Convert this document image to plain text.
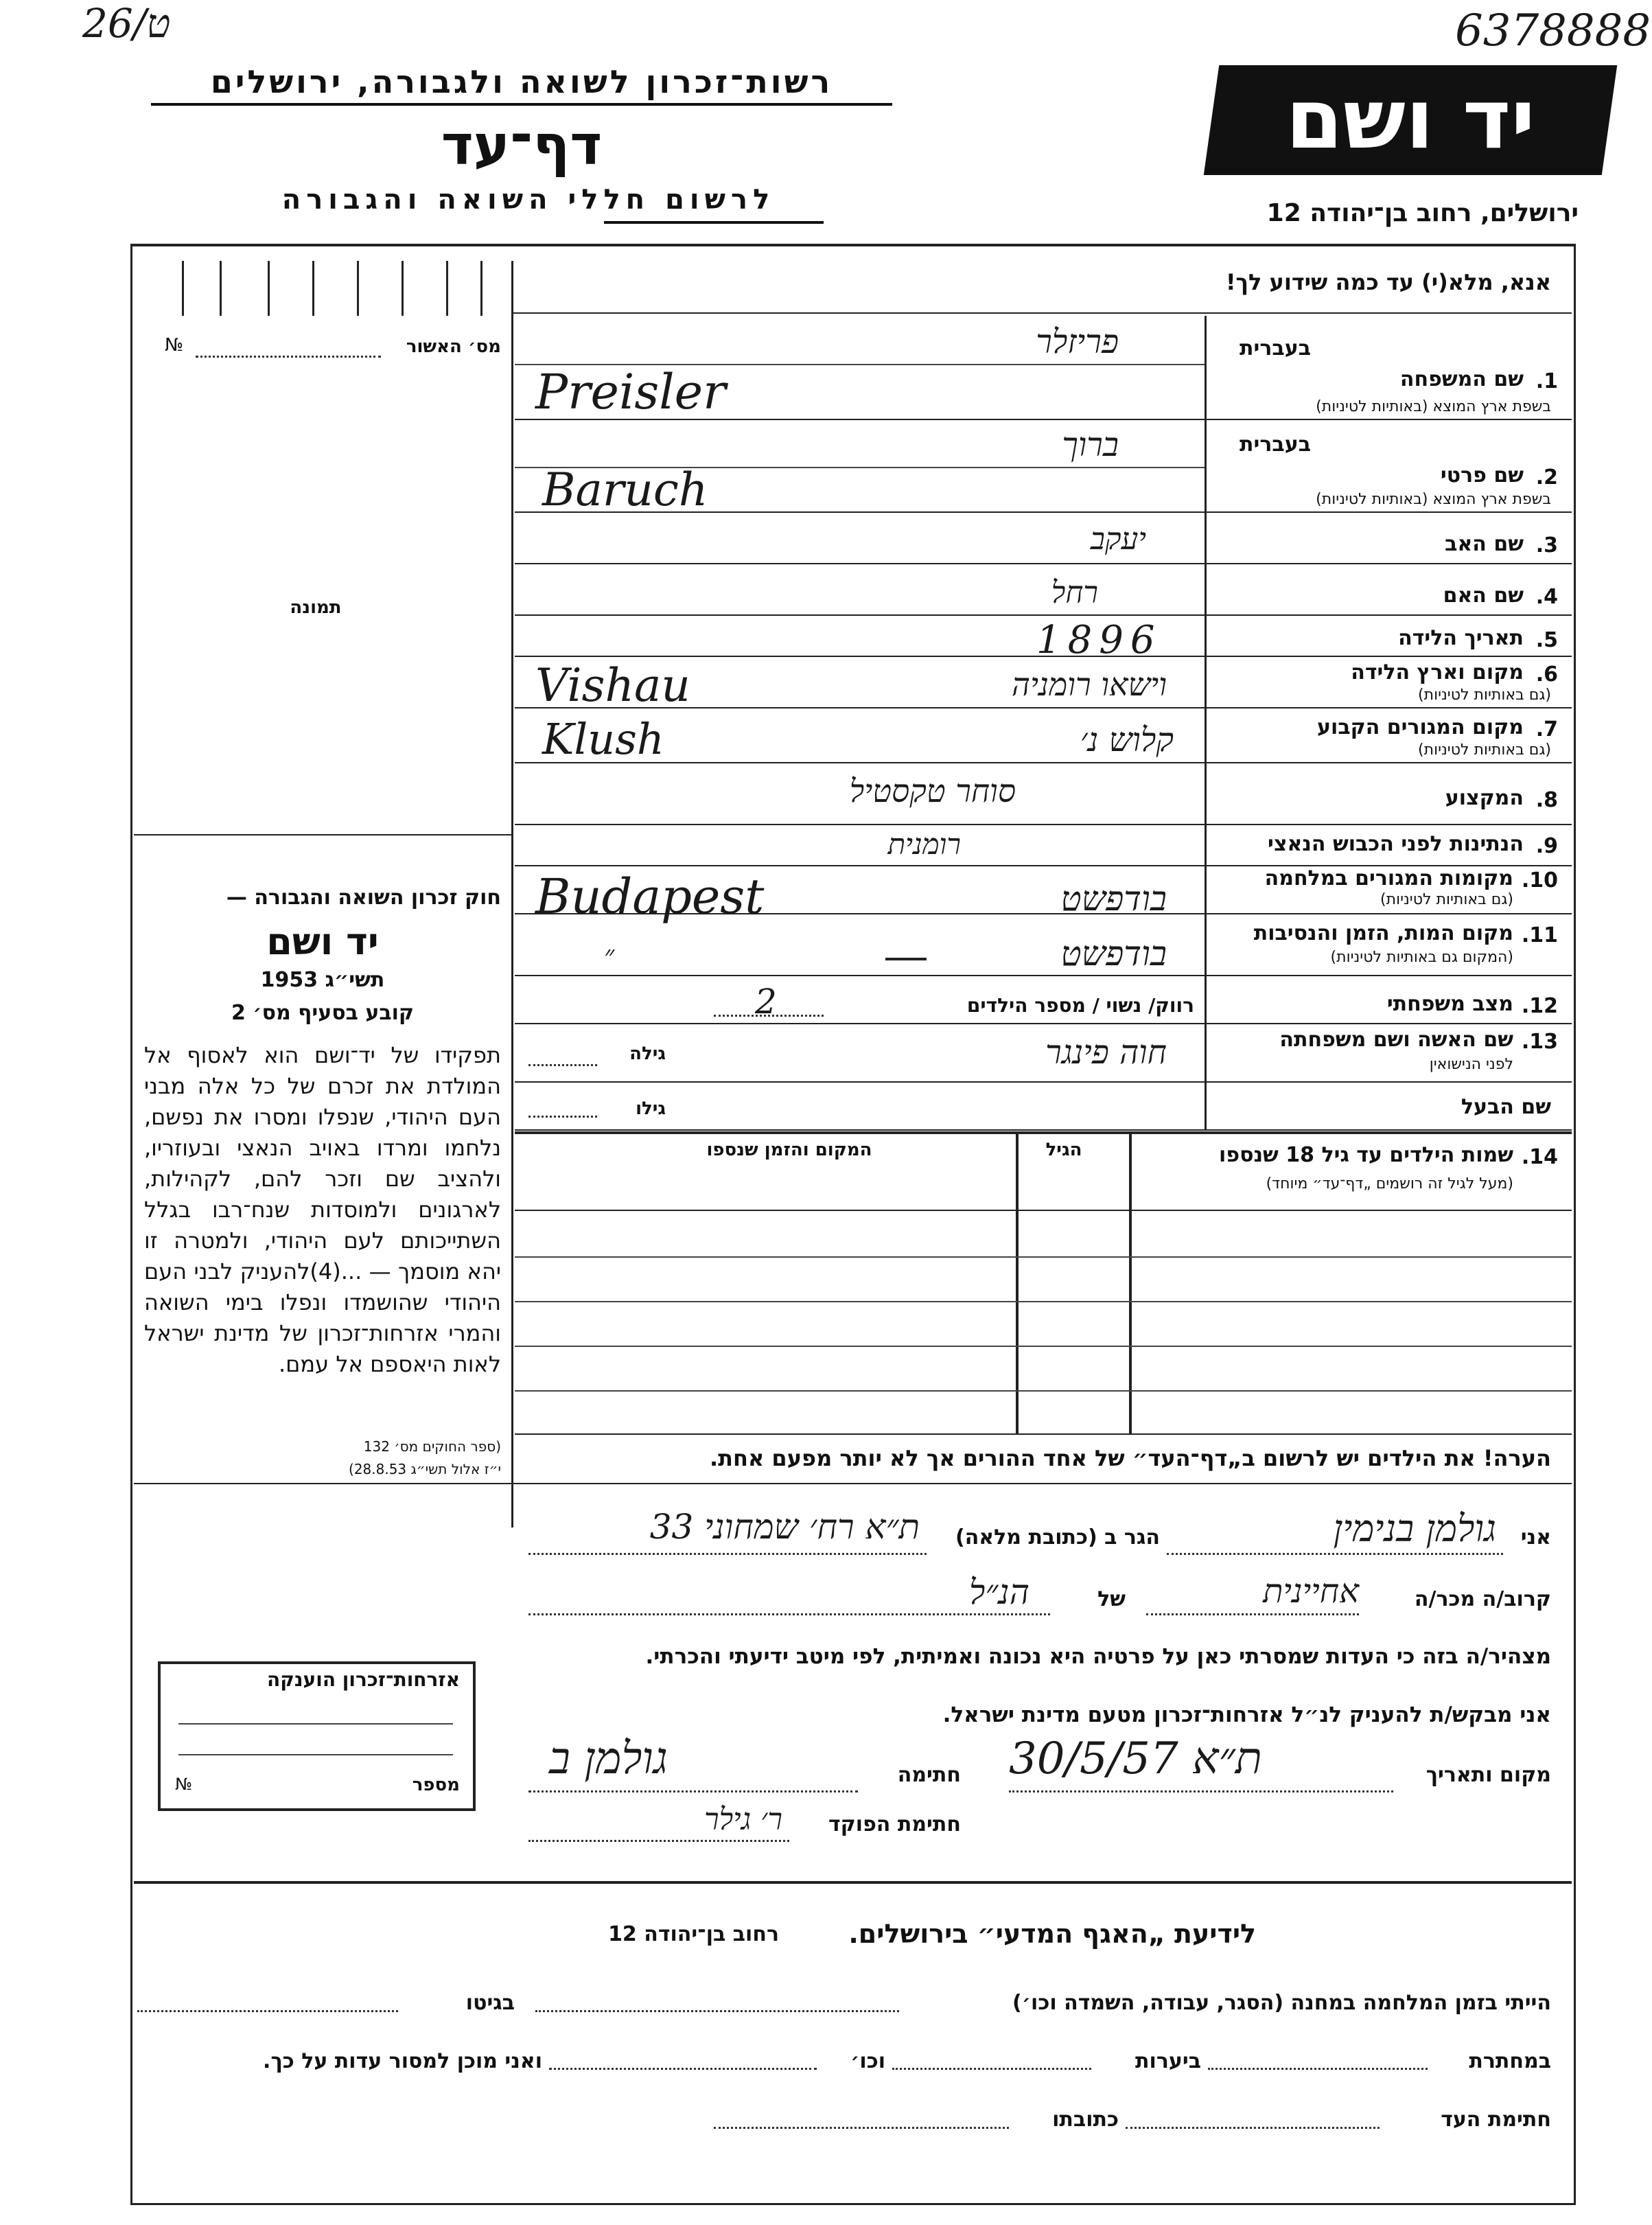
26/ט	6378888
רשות־זכרון לשואה ולגבורה, ירושלים
דף־עד
לרשום חללי השואה והגבורה
יד ושם
ירושלים, רחוב בן־יהודה 12
אנא, מלא(י) עד כמה שידוע לך!
מס׳ האשור
№
תמונה
חוק זכרון השואה והגבורה —
יד ושם
תשי״ג 1953
קובע בסעיף מס׳ 2
תפקידו של יד־ושם הוא לאסוף אל המולדת את זכרם של כל אלה מבני העם היהודי, שנפלו ומסרו את נפשם, נלחמו ומרדו באויב הנאצי ובעוזריו, ולהציב שם וזכר להם, לקהילות, לארגונים ולמוסדות שנח־רבו בגלל השתייכותם לעם היהודי, ולמטרה זו יהא מוסמך — ...(4)להעניק לבני העם היהודי שהושמדו ונפלו בימי השואה והמרי אזרחות־זכרון של מדינת ישראל לאות היאספם אל עמם.
(ספר החוקים מס׳ 132
י״ז אלול תשי״ג 28.8.53)
בעברית
1.
שם המשפחה
בשפת ארץ המוצא (באותיות לטיניות)
בעברית
2.
שם פרטי
בשפת ארץ המוצא (באותיות לטיניות)
3.
שם האב
4.
שם האם
5.
תאריך הלידה
6.
מקום וארץ הלידה
(גם באותיות לטיניות)
7.
מקום המגורים הקבוע
(גם באותיות לטיניות)
8.
המקצוע
9.
הנתינות לפני הכבוש הנאצי
10.
מקומות המגורים במלחמה
(גם באותיות לטיניות)
11.
מקום המות, הזמן והנסיבות
(המקום גם באותיות לטיניות)
12.
מצב משפחתי
13.
שם האשה ושם משפחתה
לפני הנישואין
שם הבעל
פריזלר
Preisler
ברוך
Baruch
יעקב
רחל
1896
וישאו רומניה
Vishau
קלוש נ׳
Klush
סוחר טקסטיל
רומנית
בודפשט
Budapest
בודפשט
״
רווק/ נשוי / מספר הילדים
2
חוה פינגר
גילה
גילו
14.
שמות הילדים עד גיל 18 שנספו
(מעל לגיל זה רושמים „דף־עד״ מיוחד)
הגיל
המקום והזמן שנספו
הערה! את הילדים יש לרשום ב„דף־העד״ של אחד ההורים אך לא יותר מפעם אחת.
אני
גולמן בנימין
הגר ב (כתובת מלאה)
ת״א רח׳ שמחוני 33
קרוב/ה מכר/ה
אחיינית
של
הנ״ל
מצהיר/ה בזה כי העדות שמסרתי כאן על פרטיה היא נכונה ואמיתית, לפי מיטב ידיעתי והכרתי.
אני מבקש/ת להעניק לנ״ל אזרחות־זכרון מטעם מדינת ישראל.
מקום ותאריך
ת״א 30/5/57
חתימה
גולמן ב
חתימת הפוקד
ר׳ גילר
אזרחות־זכרון הוענקה
מספר
№
לידיעת „האגף המדעי״ בירושלים.
רחוב בן־יהודה 12
הייתי בזמן המלחמה במחנה (הסגר, עבודה, השמדה וכו׳)
בגיטו
במחתרת
ביערות
וכו׳
ואני מוכן למסור עדות על כך.
חתימת העד
כתובתו
